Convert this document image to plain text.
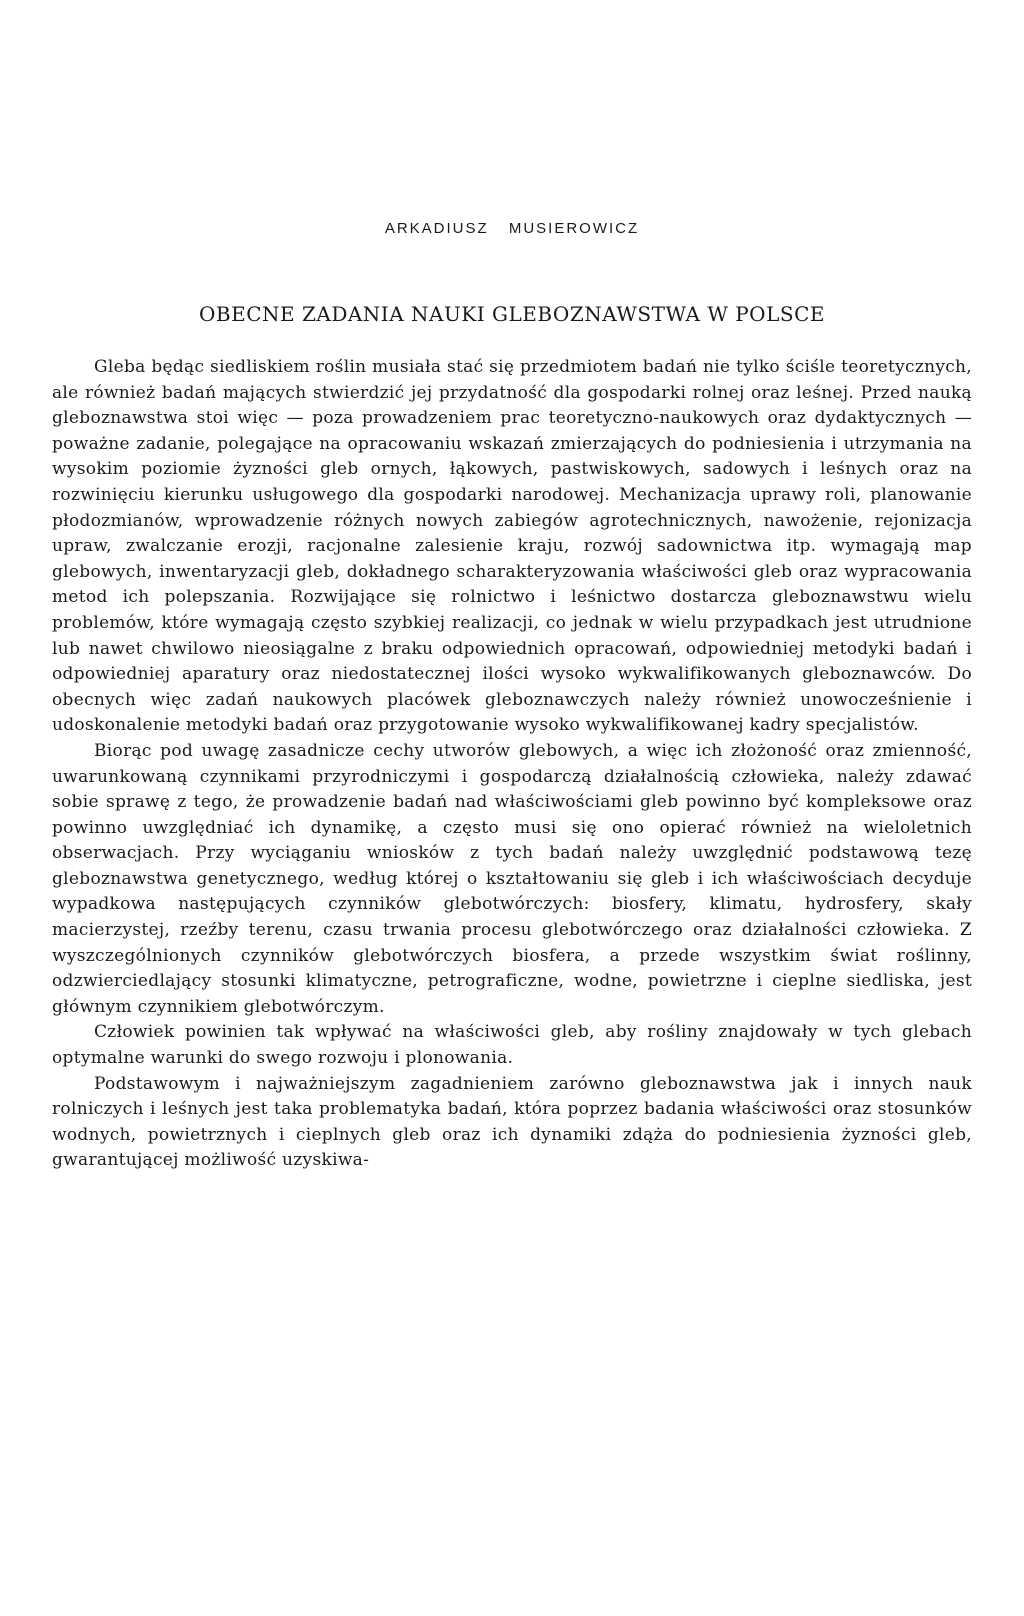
ARKADIUSZ MUSIEROWICZ
OBECNE ZADANIA NAUKI GLEBOZNAWSTWA W POLSCE

Gleba będąc siedliskiem roślin musiała stać się przedmiotem badań nie tylko ściśle teoretycznych, ale również badań mających stwierdzić jej przydatność dla gospodarki rolnej oraz leśnej. Przed nauką gleboznawstwa stoi więc — poza prowadzeniem prac teoretyczno-naukowych oraz dydaktycznych — poważne zadanie, polegające na opracowaniu wskazań zmierzających do podniesienia i utrzymania na wysokim poziomie żyzności gleb ornych, łąkowych, pastwiskowych, sadowych i leśnych oraz na rozwinięciu kierunku usługowego dla gospodarki narodowej. Mechanizacja uprawy roli, planowanie płodozmianów, wprowadzenie różnych nowych zabiegów agrotechnicznych, nawożenie, rejonizacja upraw, zwalczanie erozji, racjonalne zalesienie kraju, rozwój sadownictwa itp. wymagają map glebowych, inwentaryzacji gleb, dokładnego scharakteryzowania właściwości gleb oraz wypracowania metod ich polepszania. Rozwijające się rolnictwo i leśnictwo dostarcza gleboznawstwu wielu problemów, które wymagają często szybkiej realizacji, co jednak w wielu przypadkach jest utrudnione lub nawet chwilowo nieosiągalne z braku odpowiednich opracowań, odpowiedniej metodyki badań i odpowiedniej aparatury oraz niedostatecznej ilości wysoko wykwalifikowanych gleboznawców. Do obecnych więc zadań naukowych placówek gleboznawczych należy również unowocześnienie i udoskonalenie metodyki badań oraz przygotowanie wysoko wykwalifikowanej kadry specjalistów.

Biorąc pod uwagę zasadnicze cechy utworów glebowych, a więc ich złożoność oraz zmienność, uwarunkowaną czynnikami przyrodniczymi i gospodarczą działalnością człowieka, należy zdawać sobie sprawę z tego, że prowadzenie badań nad właściwościami gleb powinno być kompleksowe oraz powinno uwzględniać ich dynamikę, a często musi się ono opierać również na wieloletnich obserwacjach. Przy wyciąganiu wniosków z tych badań należy uwzględnić podstawową tezę gleboznawstwa genetycznego, według której o kształtowaniu się gleb i ich właściwościach decyduje wypadkowa następujących czynników glebotwórczych: biosfery, klimatu, hydrosfery, skały macierzystej, rzeźby terenu, czasu trwania procesu glebotwórczego oraz działalności człowieka. Z wyszczególnionych czynników glebotwórczych biosfera, a przede wszystkim świat roślinny, odzwierciedlający stosunki klimatyczne, petrograficzne, wodne, powietrzne i cieplne siedliska, jest głównym czynnikiem glebotwórczym.

Człowiek powinien tak wpływać na właściwości gleb, aby rośliny znajdowały w tych glebach optymalne warunki do swego rozwoju i plonowania.

Podstawowym i najważniejszym zagadnieniem zarówno gleboznawstwa jak i innych nauk rolniczych i leśnych jest taka problematyka badań, która poprzez badania właściwości oraz stosunków wodnych, powietrznych i cieplnych gleb oraz ich dynamiki zdąża do podniesienia żyzności gleb, gwarantującej możliwość uzyskiwa-
